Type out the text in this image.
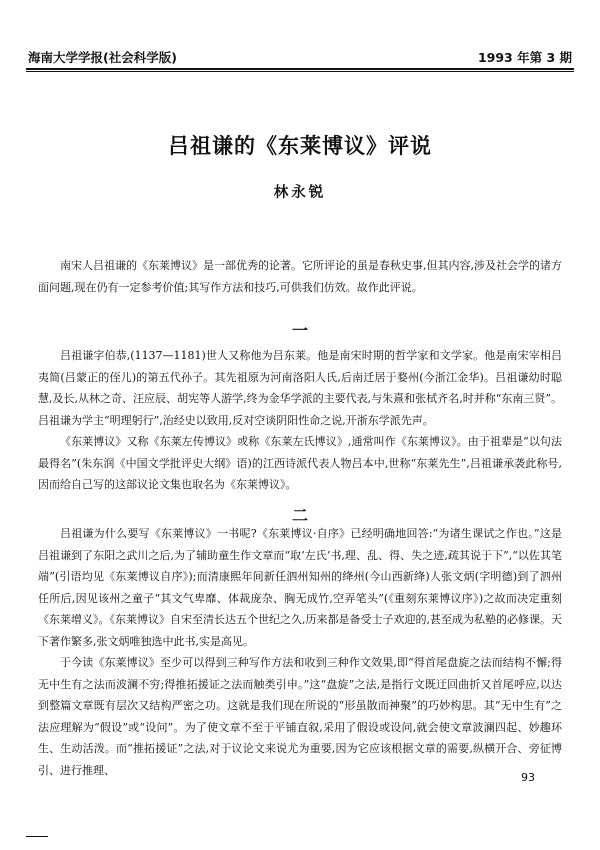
海南大学学报(社会科学版)	1993 年第 3 期
吕祖谦的《东莱博议》评说
林永锐

南宋人吕祖谦的《东莱博议》是一部优秀的论著。它所评论的虽是春秋史事,但其内容,涉及社会学的诸方面问题,现在仍有一定参考价值;其写作方法和技巧,可供我们仿效。故作此评说。

一

吕祖谦字伯恭,(1137—1181)世人又称他为吕东莱。他是南宋时期的哲学家和文学家。他是南宋宰相吕夷简(吕蒙正的侄儿)的第五代孙子。其先祖原为河南洛阳人氏,后南迁居于婺州(今浙江金华)。吕祖谦幼时聪慧,及长,从林之奇、汪应辰、胡宪等人游学,终为金华学派的主要代表,与朱熹和张栻齐名,时并称“东南三贤”。吕祖谦为学主“明理躬行”,治经史以致用,反对空谈阴阳性命之说,开浙东学派先声。

《东莱博议》又称《东莱左传博议》或称《东莱左氏博议》,通常叫作《东莱博议》。由于祖辈是“以句法最得名”(朱东润《中国文学批评史大纲》语)的江西诗派代表人物吕本中,世称“东莱先生”,吕祖谦承袭此称号,因而给自己写的这部议论文集也取名为《东莱博议》。

二

吕祖谦为什么要写《东莱博议》一书呢?《东莱博议·自序》已经明确地回答:“为诸生课试之作也。”这是吕祖谦到了东阳之武川之后,为了辅助童生作文章而“取‘左氏’书,理、乱、得、失之迹,疏其说于下”,“以佐其笔端”(引语均见《东莱博议自序》);而清康熙年间新任泗州知州的绛州(今山西新绛)人张文炳(字明德)到了泗州任所后,因见该州之童子“其文气卑靡、体裁庞杂、胸无成竹,空弄笔头”(《重刻东莱博议序》)之故而决定重刻《东莱增义》。《东莱博议》自宋至清长达五个世纪之久,历来都是备受士子欢迎的,甚至成为私塾的必修课。天下著作繁多,张文炳唯独选中此书,实是高见。

于今读《东莱博议》至少可以得到三种写作方法和收到三种作文效果,即“得首尾盘旋之法而结构不懈;得无中生有之法而波澜不穷;得推拓援证之法而触类引申。”这“盘旋”之法,是指行文既迂回曲折又首尾呼应,以达到整篇文章既有层次又结构严密之功。这就是我们现在所说的“形虽散而神聚”的巧妙构思。其“无中生有”之法应理解为“假设”或“设问”。为了使文章不至于平铺直叙,采用了假设或设问,就会使文章波澜四起、妙趣环生、生动活泼。而“推拓援证”之法,对于议论文来说尤为重要,因为它应该根据文章的需要,纵横开合、旁征博引、进行推理、

93
